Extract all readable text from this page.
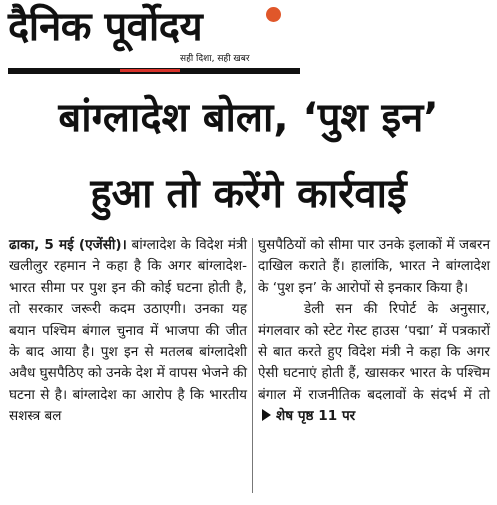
दैनिक पूर्वोदय
सही दिशा, सही खबर
बांग्लादेश बोला, ‘पुश इन’
हुआ तो करेंगे कार्रवाई

ढाका, 5 मई (एजेंसी)। बांग्लादेश के विदेश मंत्री खलीलुर रहमान ने कहा है कि अगर बांग्लादेश-भारत सीमा पर पुश इन की कोई घटना होती है, तो सरकार जरूरी कदम उठाएगी। उनका यह बयान पश्चिम बंगाल चुनाव में भाजपा की जीत के बाद आया है। पुश इन से मतलब बांग्लादेशी अवैध घुसपैठिए को उनके देश में वापस भेजने की घटना से है। बांग्लादेश का आरोप है कि भारतीय सशस्त्र बल

घुसपैठियों को सीमा पार उनके इलाकों में जबरन दाखिल कराते हैं। हालांकि, भारत ने बांग्लादेश के ‘पुश इन’ के आरोपों से इनकार किया है।

डेली सन की रिपोर्ट के अनुसार, मंगलवार को स्टेट गेस्ट हाउस ‘पद्मा’ में पत्रकारों से बात करते हुए विदेश मंत्री ने कहा कि अगर ऐसी घटनाएं होती हैं, खासकर भारत के पश्चिम बंगाल में राजनीतिक बदलावों के संदर्भ में तोशेष पृष्ठ 11 पर
